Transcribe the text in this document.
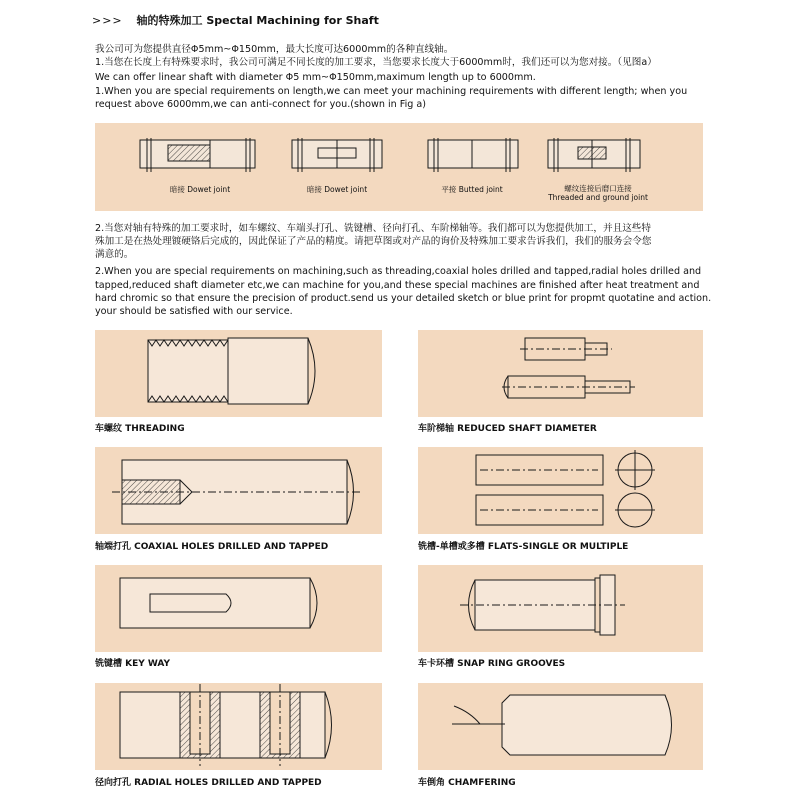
>>> 轴的特殊加工 Spectal Machining for Shaft
我公司可为您提供直径Φ5mm~Φ150mm，最大长度可达6000mm的各种直线轴。
1.当您在长度上有特殊要求时，我公司可满足不同长度的加工要求，当您要求长度大于6000mm时，我们还可以为您对接。（见图a）
We can offer linear shaft with diameter Φ5 mm~Φ150mm,maximum length up to 6000mm.
1.When you are special requirements on length,we can meet your machining requirements with different length; when you
request above 6000mm,we can anti-connect for you.(shown in Fig a)
暗接 Dowet joint	暗接 Dowet joint	平接 Butted joint	螺纹连接后磨口连接
Threaded and ground joint
2.当您对轴有特殊的加工要求时，如车螺纹、车端头打孔、铣键槽、径向打孔、车阶梯轴等。我们都可以为您提供加工，并且这些特
殊加工是在热处理镀硬铬后完成的，因此保证了产品的精度。请把草图或对产品的询价及特殊加工要求告诉我们，我们的服务会令您
满意的。
2.When you are special requirements on machining,such as threading,coaxial holes drilled and tapped,radial holes drilled and
tapped,reduced shaft diameter etc,we can machine for you,and these special machines are finished after heat treatment and
hard chromic so that ensure the precision of product.send us your detailed sketch or blue print for propmt quotatine and action.
your should be satisfied with our service.
车螺纹 THREADING	车阶梯轴 REDUCED SHAFT DIAMETER
轴端打孔 COAXIAL HOLES DRILLED AND TAPPED	铣槽-单槽或多槽 FLATS-SINGLE OR MULTIPLE
铣键槽 KEY WAY	车卡环槽 SNAP RING GROOVES
径向打孔 RADIAL HOLES DRILLED AND TAPPED	车倒角 CHAMFERING
